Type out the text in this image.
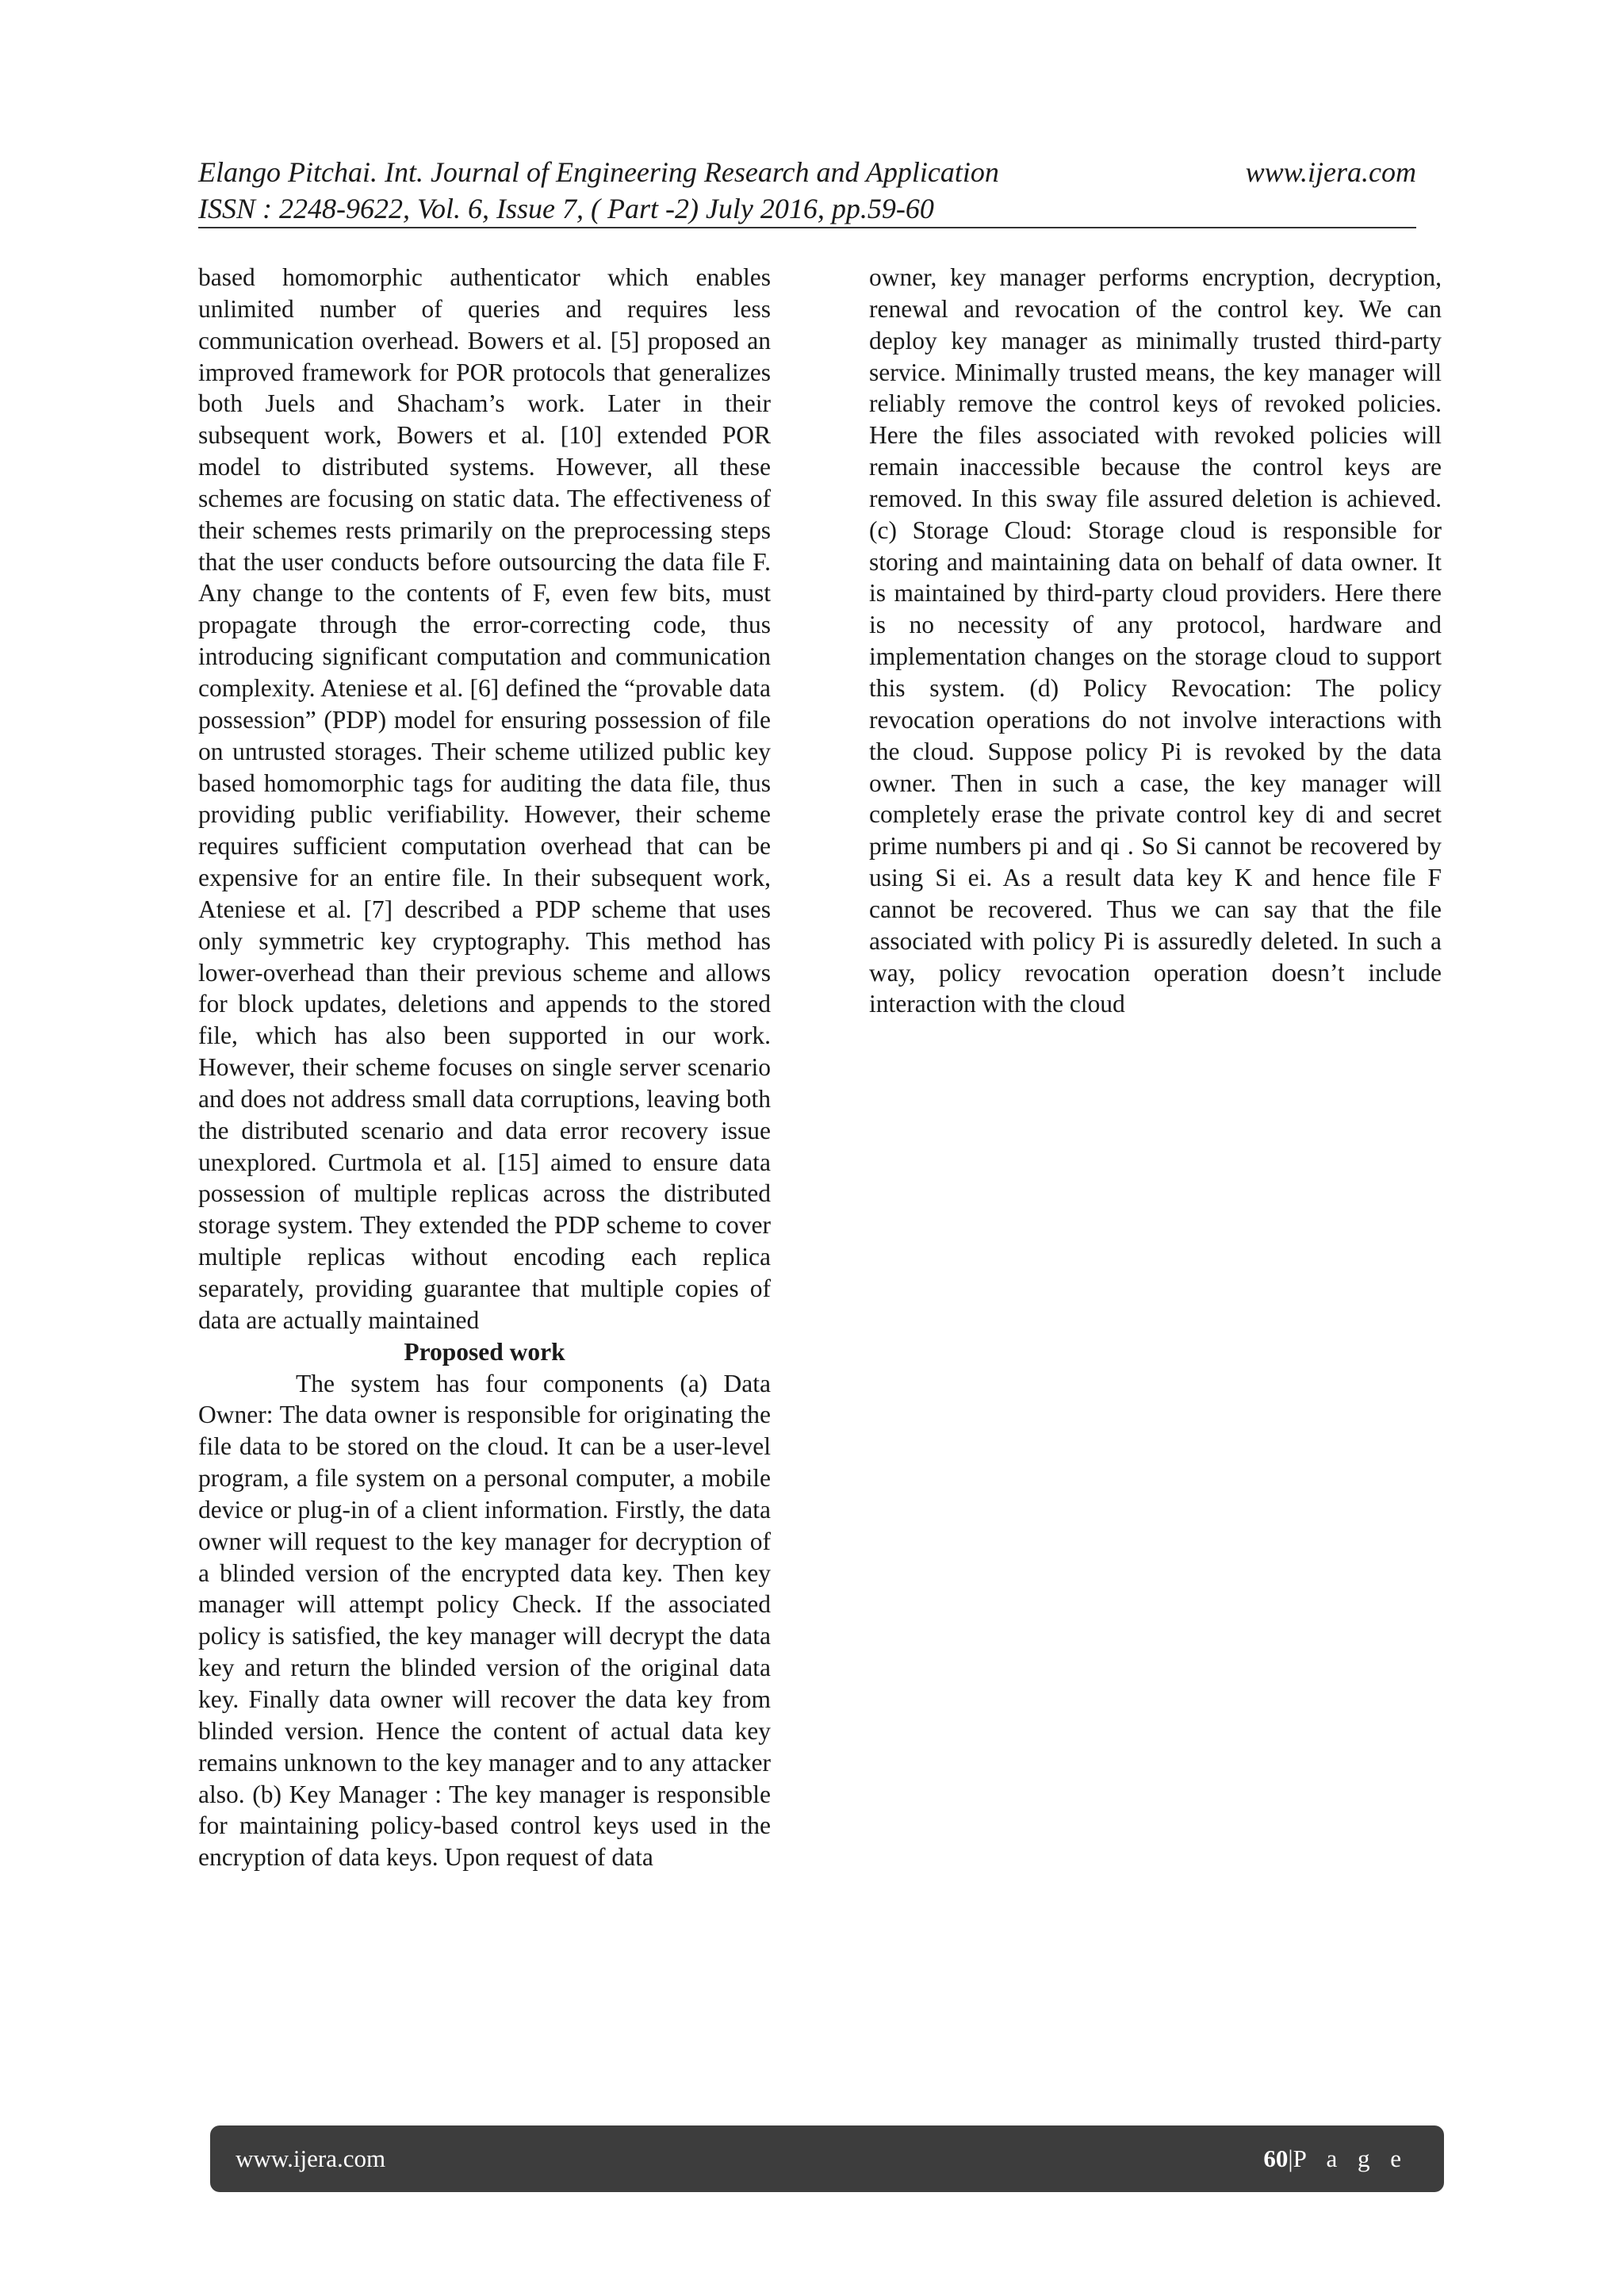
Elango Pitchai. Int. Journal of Engineering Research and Application	www.ijera.com
ISSN : 2248-9622, Vol. 6, Issue 7, ( Part -2) July 2016, pp.59-60

based homomorphic authenticator which enables unlimited number of queries and requires less communication overhead. Bowers et al. [5] proposed an improved framework for POR protocols that generalizes both Juels and Shacham’s work. Later in their subsequent work, Bowers et al. [10] extended POR model to distributed systems. However, all these schemes are focusing on static data. The effectiveness of their schemes rests primarily on the preprocessing steps that the user conducts before outsourcing the data file F. Any change to the contents of F, even few bits, must propagate through the error-correcting code, thus introducing significant computation and communication complexity. Ateniese et al. [6] defined the “provable data possession” (PDP) model for ensuring possession of file on untrusted storages. Their scheme utilized public key based homomorphic tags for auditing the data file, thus providing public verifiability. However, their scheme requires sufficient computation overhead that can be expensive for an entire file. In their subsequent work, Ateniese et al. [7] described a PDP scheme that uses only symmetric key cryptography. This method has lower-overhead than their previous scheme and allows for block updates, deletions and appends to the stored file, which has also been supported in our work. However, their scheme focuses on single server scenario and does not address small data corruptions, leaving both the distributed scenario and data error recovery issue unexplored. Curtmola et al. [15] aimed to ensure data possession of multiple replicas across the distributed storage system. They extended the PDP scheme to cover multiple replicas without encoding each replica separately, providing guarantee that multiple copies of data are actually maintained

Proposed work

The system has four components (a) Data Owner: The data owner is responsible for originating the file data to be stored on the cloud. It can be a user-level program, a file system on a personal computer, a mobile device or plug-in of a client information. Firstly, the data owner will request to the key manager for decryption of a blinded version of the encrypted data key. Then key manager will attempt policy Check. If the associated policy is satisfied, the key manager will decrypt the data key and return the blinded version of the original data key. Finally data owner will recover the data key from blinded version. Hence the content of actual data key remains unknown to the key manager and to any attacker also. (b) Key Manager : The key manager is responsible for maintaining policy-based control keys used in the encryption of data keys. Upon request of data

owner, key manager performs encryption, decryption, renewal and revocation of the control key. We can deploy key manager as minimally trusted third-party service. Minimally trusted means, the key manager will reliably remove the control keys of revoked policies. Here the files associated with revoked policies will remain inaccessible because the control keys are removed. In this sway file assured deletion is achieved. (c) Storage Cloud: Storage cloud is responsible for storing and maintaining data on behalf of data owner. It is maintained by third-party cloud providers. Here there is no necessity of any protocol, hardware and implementation changes on the storage cloud to support this system. (d) Policy Revocation: The policy revocation operations do not involve interactions with the cloud. Suppose policy Pi is revoked by the data owner. Then in such a case, the key manager will completely erase the private control key di and secret prime numbers pi and qi . So Si cannot be recovered by using Si ei. As a result data key K and hence file F cannot be recovered. Thus we can say that the file associated with policy Pi is assuredly deleted. In such a way, policy revocation operation doesn’t include interaction with the cloud

www.ijera.com	60|P a g e
